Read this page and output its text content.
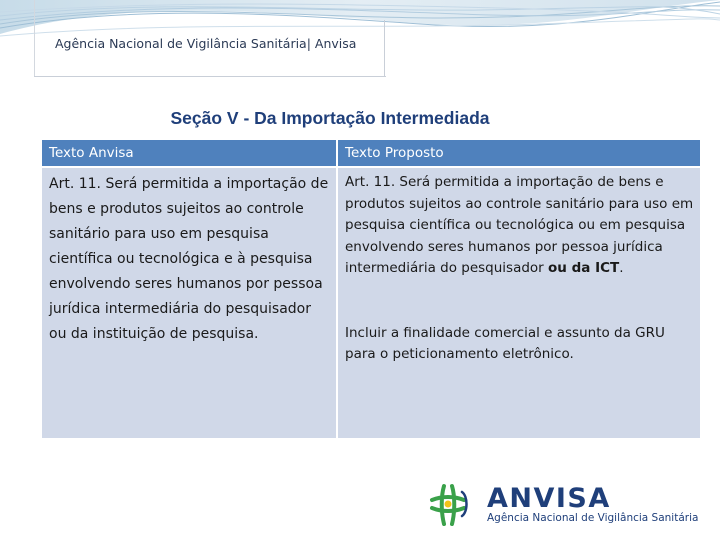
Agência Nacional de Vigilância Sanitária| Anvisa
Seção V - Da Importação Intermediada
Texto Anvisa	Texto Proposto

Art. 11. Será permitida a importação de bens e produtos sujeitos ao controle sanitário para uso em pesquisa científica ou tecnológica e à pesquisa envolvendo seres humanos por pessoa jurídica intermediária do pesquisador ou da instituição de pesquisa.

Art. 11. Será permitida a importação de bens e produtos sujeitos ao controle sanitário para uso em pesquisa científica ou tecnológica ou em pesquisa envolvendo seres humanos por pessoa jurídica intermediária do pesquisador ou da ICT.

Incluir a finalidade comercial e assunto da GRU para o peticionamento eletrônico.

ANVISA
Agência Nacional de Vigilância Sanitária
